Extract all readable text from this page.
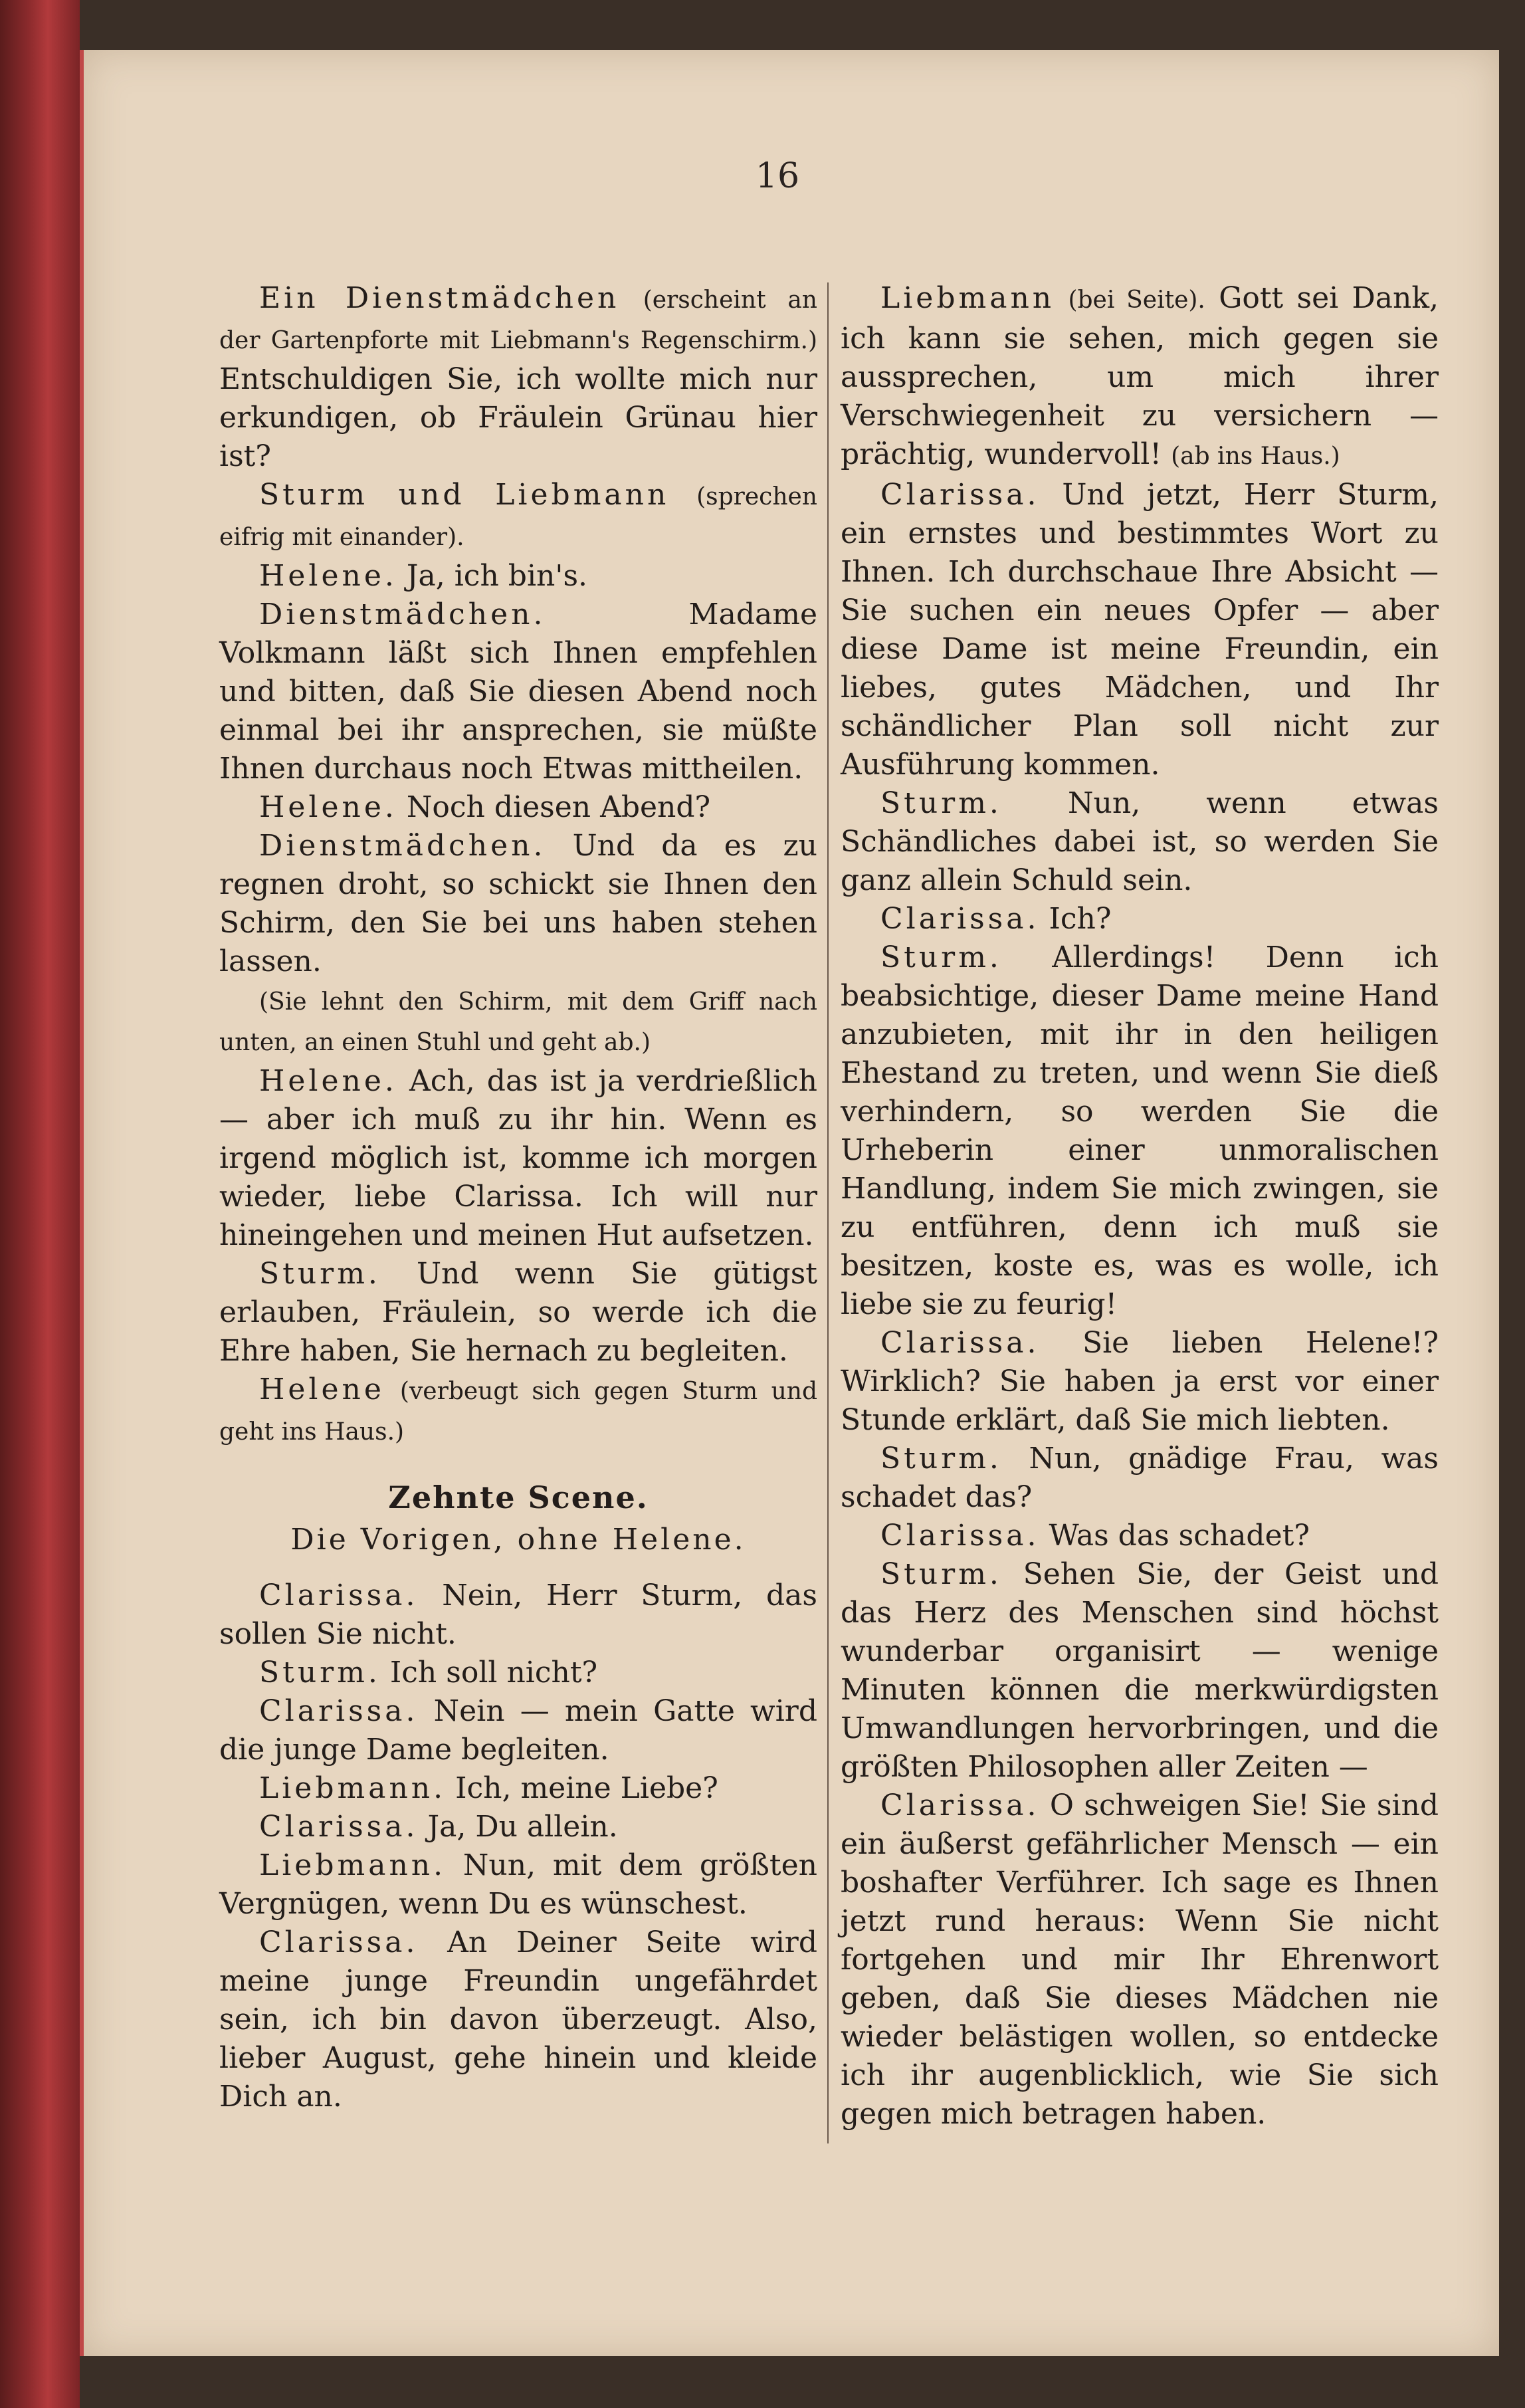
16

Ein Dienstmädchen (erscheint an der Gartenpforte mit Liebmann's Regenschirm.) Entschuldigen Sie, ich wollte mich nur erkundigen, ob Fräulein Grünau hier ist?

Sturm und Liebmann (sprechen eifrig mit einander).

Helene. Ja, ich bin's.

Dienstmädchen.	Madame Volkmann läßt sich Ihnen empfehlen und bitten, daß Sie diesen Abend noch einmal bei ihr ansprechen, sie müßte Ihnen durchaus noch Etwas mittheilen.

Helene. Noch diesen Abend?

Dienstmädchen. Und da es zu regnen droht, so schickt sie Ihnen den Schirm, den Sie bei uns haben stehen lassen.

(Sie lehnt den Schirm, mit dem Griff nach unten, an einen Stuhl und geht ab.)

Helene. Ach, das ist ja verdrießlich — aber ich muß zu ihr hin. Wenn es irgend möglich ist, komme ich morgen wieder, liebe Clarissa. Ich will nur hineingehen und meinen Hut aufsetzen.

Sturm. Und wenn Sie gütigst erlauben, Fräulein, so werde ich die Ehre haben, Sie hernach zu begleiten.

Helene (verbeugt sich gegen Sturm und geht ins Haus.)

Zehnte Scene.
Die Vorigen, ohne Helene.

Clarissa. Nein, Herr Sturm, das sollen Sie nicht.

Sturm. Ich soll nicht?

Clarissa. Nein — mein Gatte wird die junge Dame begleiten.

Liebmann. Ich, meine Liebe?

Clarissa. Ja, Du allein.

Liebmann. Nun, mit dem größten Vergnügen, wenn Du es wünschest.

Clarissa. An Deiner Seite wird meine junge Freundin ungefährdet sein, ich bin davon überzeugt. Also, lieber August, gehe hinein und kleide Dich an.

Liebmann (bei Seite). Gott sei Dank, ich kann sie sehen, mich gegen sie aussprechen, um mich ihrer Verschwiegenheit zu versichern — prächtig, wundervoll! (ab ins Haus.)

Clarissa. Und jetzt, Herr Sturm, ein ernstes und bestimmtes Wort zu Ihnen. Ich durchschaue Ihre Absicht — Sie suchen ein neues Opfer — aber diese Dame ist meine Freundin, ein liebes, gutes Mädchen, und Ihr schändlicher Plan soll nicht zur Ausführung kommen.

Sturm. Nun, wenn etwas Schändliches dabei ist, so werden Sie ganz allein Schuld sein.

Clarissa. Ich?

Sturm. Allerdings! Denn ich beabsichtige, dieser Dame meine Hand anzubieten, mit ihr in den heiligen Ehestand zu treten, und wenn Sie dieß verhindern, so werden Sie die Urheberin einer unmoralischen Handlung, indem Sie mich zwingen, sie zu entführen, denn ich muß sie besitzen, koste es, was es wolle, ich liebe sie zu feurig!

Clarissa. Sie lieben Helene!? Wirklich? Sie haben ja erst vor einer Stunde erklärt, daß Sie mich liebten.

Sturm. Nun, gnädige Frau, was schadet das?

Clarissa. Was das schadet?

Sturm. Sehen Sie, der Geist und das Herz des Menschen sind höchst wunderbar organisirt — wenige Minuten können die merkwürdigsten Umwandlungen hervorbringen, und die größten Philosophen aller Zeiten —

Clarissa. O schweigen Sie! Sie sind ein äußerst gefährlicher Mensch — ein boshafter Verführer. Ich sage es Ihnen jetzt rund heraus: Wenn Sie nicht fortgehen und mir Ihr Ehrenwort geben, daß Sie dieses Mädchen nie wieder belästigen wollen, so entdecke ich ihr augenblicklich, wie Sie sich gegen mich betragen haben.
